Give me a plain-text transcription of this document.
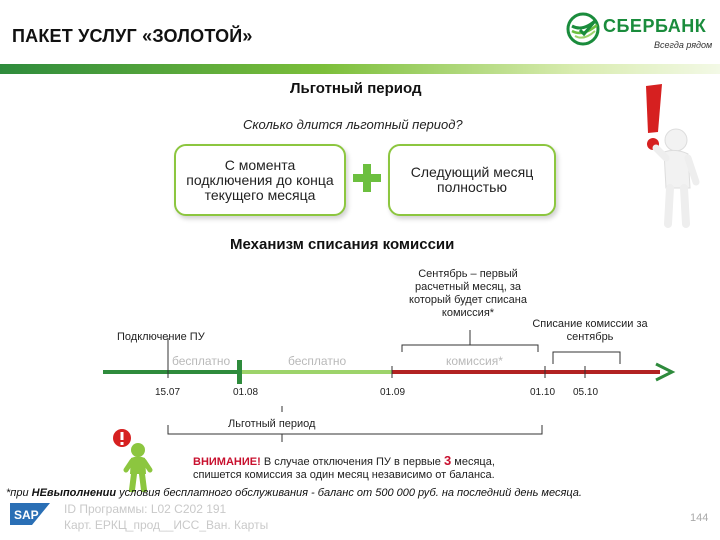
ПАКЕТ УСЛУГ «ЗОЛОТОЙ»	СБЕРБАНК
Всегда рядом
Льготный период
Сколько длится льготный период?
С момента подключения до конца текущего месяца
Следующий месяц полностью
Механизм списания комиссии
Сентябрь – первый расчетный месяц, за который будет списана комиссия*
Списание комиссии за сентябрь
Подключение ПУ
бесплатно	бесплатно	комиссия*
15.07	01.08	01.09	01.10 05.10
Льготный период
ВНИМАНИЕ! В случае отключения ПУ в первые 3 месяца, спишется комиссия за один месяц независимо от баланса.
*при НЕвыполнении условия бесплатного обслуживания - баланс от 500 000 руб. на последний день месяца.
SAP ID Программы: L02 C202 191
Карт. ЕРКЦ_прод__ИСС_Ван. Карты	144
